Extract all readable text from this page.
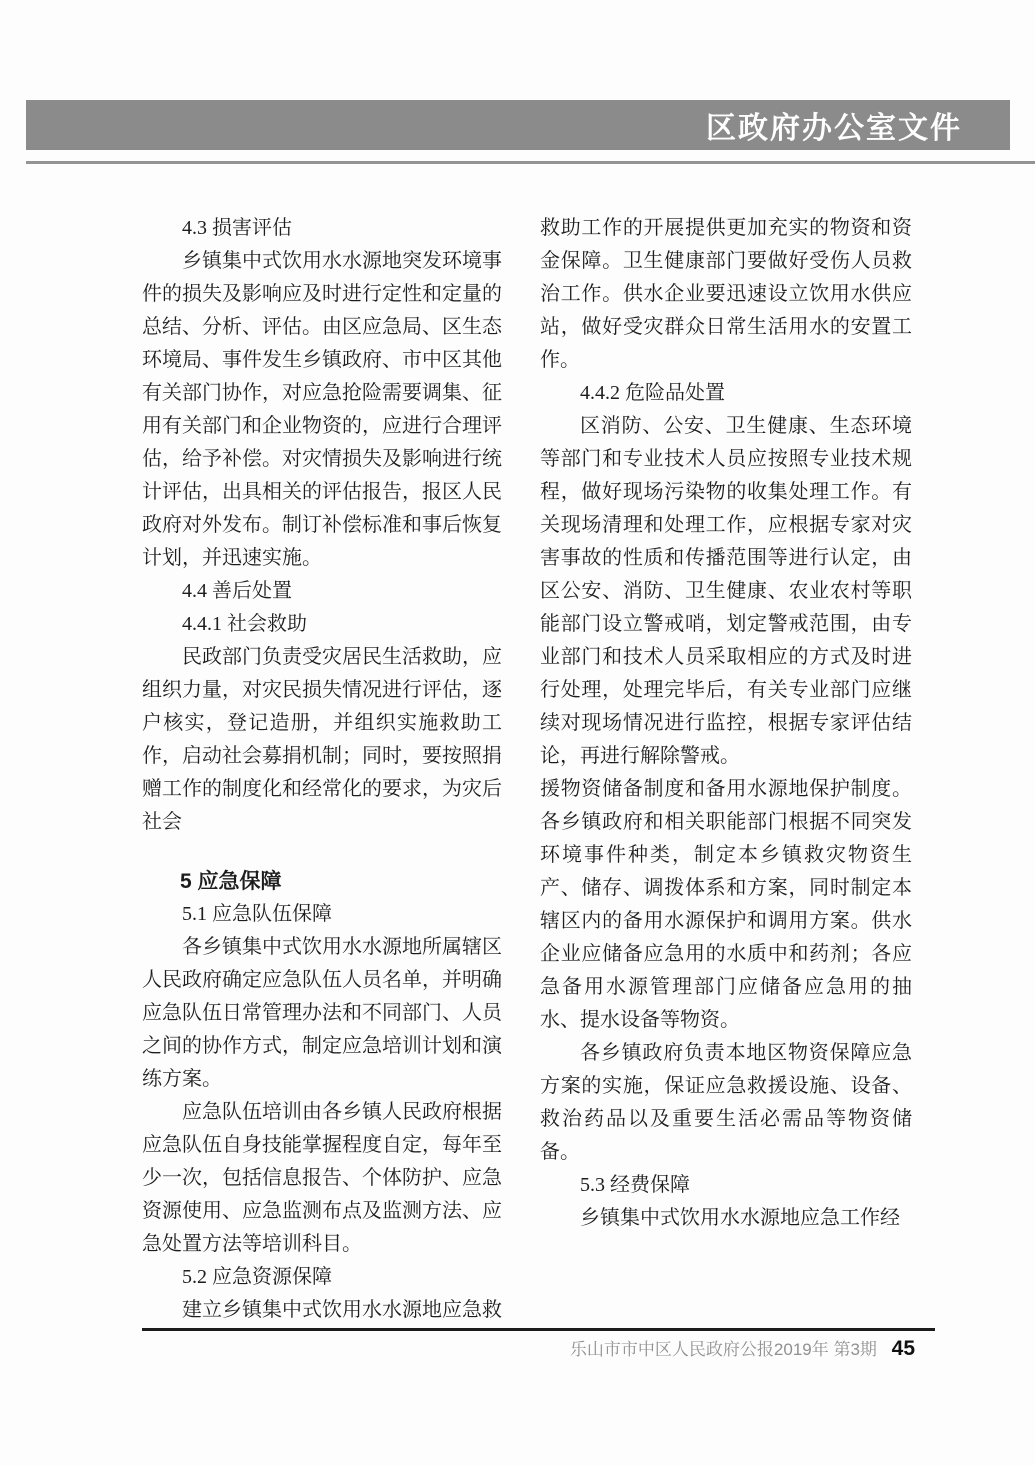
区政府办公室文件
4.3 损害评估

乡镇集中式饮用水水源地突发环境事件的损失及影响应及时进行定性和定量的总结、分析、评估。由区应急局、区生态环境局、事件发生乡镇政府、市中区其他有关部门协作，对应急抢险需要调集、征用有关部门和企业物资的，应进行合理评估，给予补偿。对灾情损失及影响进行统计评估，出具相关的评估报告，报区人民政府对外发布。制订补偿标准和事后恢复计划，并迅速实施。

4.4 善后处置
4.4.1 社会救助

民政部门负责受灾居民生活救助，应组织力量，对灾民损失情况进行评估，逐户核实，登记造册，并组织实施救助工作，启动社会募捐机制；同时，要按照捐赠工作的制度化和经常化的要求，为灾后社会

5 应急保障
5.1 应急队伍保障

各乡镇集中式饮用水水源地所属辖区人民政府确定应急队伍人员名单，并明确应急队伍日常管理办法和不同部门、人员之间的协作方式，制定应急培训计划和演练方案。

应急队伍培训由各乡镇人民政府根据应急队伍自身技能掌握程度自定，每年至少一次，包括信息报告、个体防护、应急资源使用、应急监测布点及监测方法、应急处置方法等培训科目。

5.2 应急资源保障

建立乡镇集中式饮用水水源地应急救

救助工作的开展提供更加充实的物资和资金保障。卫生健康部门要做好受伤人员救治工作。供水企业要迅速设立饮用水供应站，做好受灾群众日常生活用水的安置工作。

4.4.2 危险品处置

区消防、公安、卫生健康、生态环境等部门和专业技术人员应按照专业技术规程，做好现场污染物的收集处理工作。有关现场清理和处理工作，应根据专家对灾害事故的性质和传播范围等进行认定，由区公安、消防、卫生健康、农业农村等职能部门设立警戒哨，划定警戒范围，由专业部门和技术人员采取相应的方式及时进行处理，处理完毕后，有关专业部门应继续对现场情况进行监控，根据专家评估结论，再进行解除警戒。

援物资储备制度和备用水源地保护制度。各乡镇政府和相关职能部门根据不同突发环境事件种类，制定本乡镇救灾物资生产、储存、调拨体系和方案，同时制定本辖区内的备用水源保护和调用方案。供水企业应储备应急用的水质中和药剂；各应急备用水源管理部门应储备应急用的抽水、提水设备等物资。

各乡镇政府负责本地区物资保障应急方案的实施，保证应急救援设施、设备、救治药品以及重要生活必需品等物资储备。

5.3 经费保障

乡镇集中式饮用水水源地应急工作经

乐山市市中区人民政府公报2019年 第3期 45
